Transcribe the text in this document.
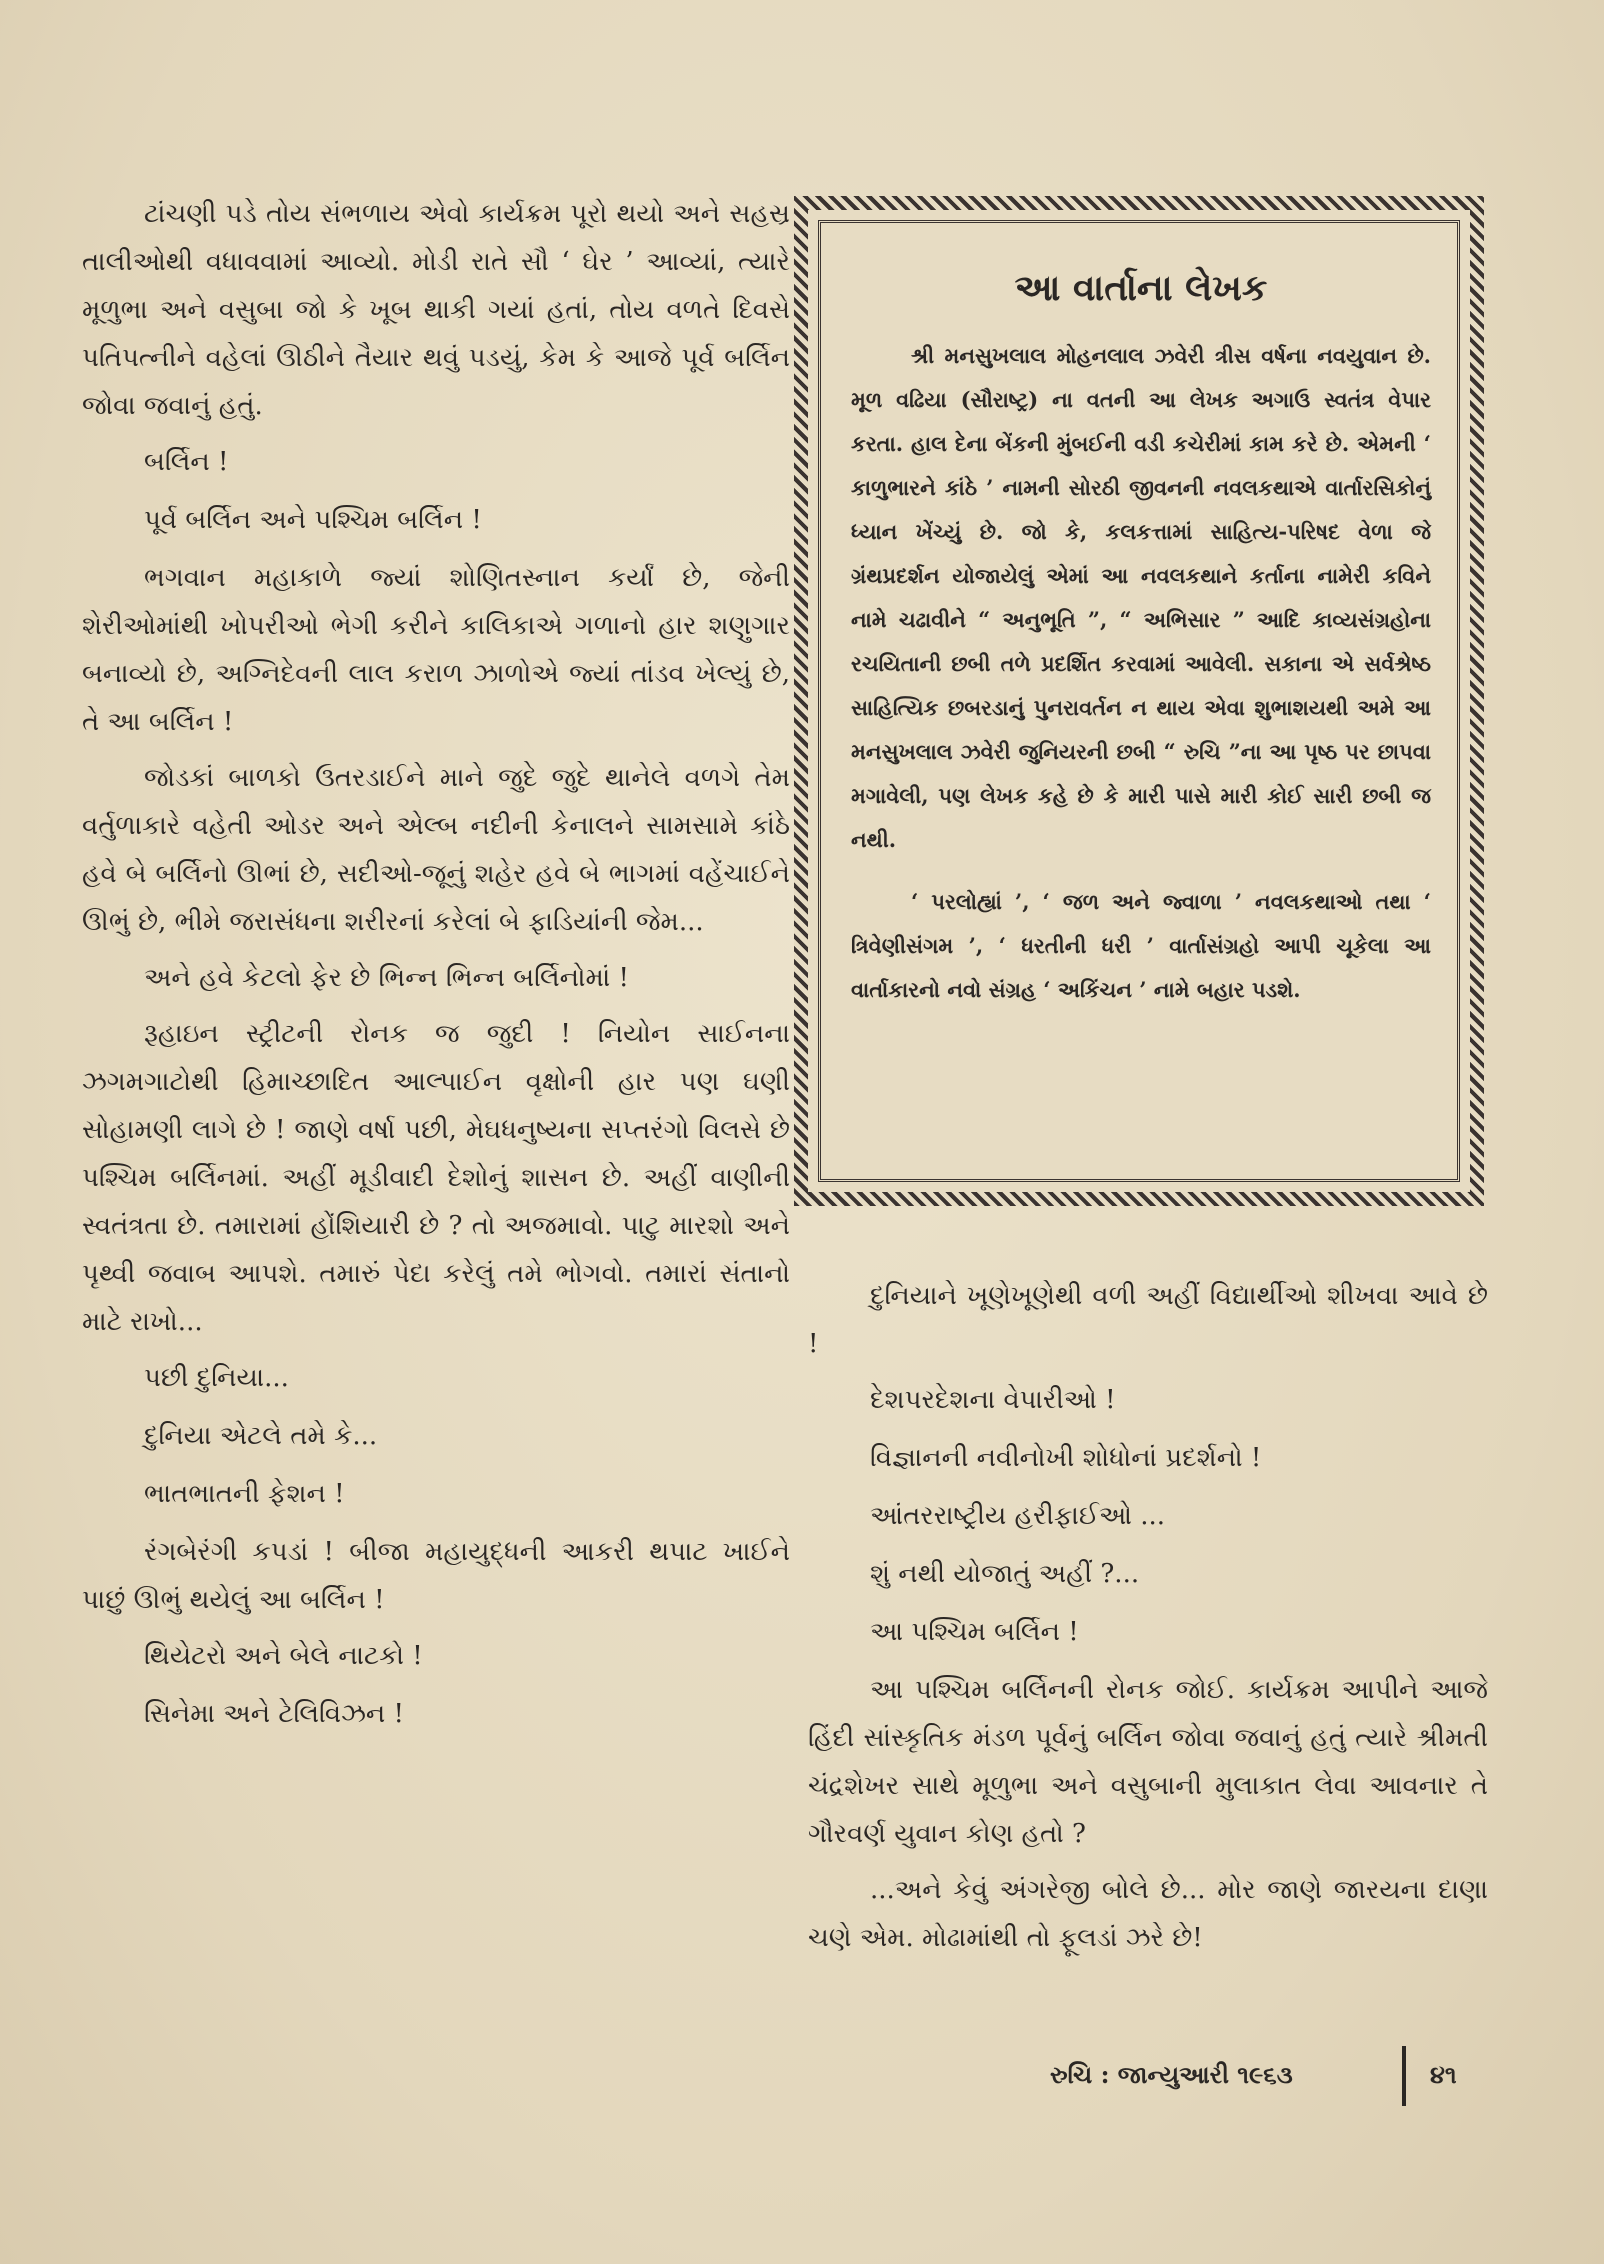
ટાંચણી પડે તોય સંભળાય એવો કાર્યક્રમ પૂરો થયો અને સહસ્ર તાલીઓથી વધાવવામાં આવ્યો. મોડી રાતે સૌ ‘ ઘેર ’ આવ્યાં, ત્યારે મૂળુભા અને વસુબા જો કે ખૂબ થાકી ગયાં હતાં, તોય વળતે દિવસે પતિપત્નીને વહેલાં ઊઠીને તૈયાર થવું પડયું, કેમ કે આજે પૂર્વ બર્લિન જોવા જવાનું હતું.

બર્લિન !

પૂર્વ બર્લિન અને પશ્ચિમ બર્લિન !

ભગવાન મહાકાળે જ્યાં શોણિતસ્નાન કર્યાં છે, જેની શેરીઓમાંથી ખોપરીઓ ભેગી કરીને કાલિકાએ ગળાનો હાર શણુગાર બનાવ્યો છે, અગ્નિદેવની લાલ કરાળ ઝાળોએ જ્યાં તાંડવ ખેલ્યું છે, તે આ બર્લિન !

જોડકાં બાળકો ઉતરડાઈને માને જુદે જુદે થાનેલે વળગે તેમ વર્તુળાકારે વહેતી ઓડર અને એલ્બ નદીની કેનાલને સામસામે કાંઠે હવે બે બર્લિનો ઊભાં છે, સદીઓ-જૂનું શહેર હવે બે ભાગમાં વહેંચાઈને ઊભું છે, ભીમે જરાસંધના શરીરનાં કરેલાં બે ફાડિયાંની જેમ...

અને હવે કેટલો ફેર છે ભિન્ન ભિન્ન બર્લિનોમાં !

રૂહાઇન સ્ટ્રીટની રોનક જ જુદી ! નિયોન સાઈનના ઝગમગાટોથી હિમાચ્છાદિત આલ્પાઈન વૃક્ષોની હાર પણ ઘણી સોહામણી લાગે છે ! જાણે વર્ષા પછી, મેઘધનુષ્યના સપ્તરંગો વિલસે છે પશ્ચિમ બર્લિનમાં. અહીં મૂડીવાદી દેશોનું શાસન છે. અહીં વાણીની સ્વતંત્રતા છે. તમારામાં હોંશિયારી છે ? તો અજમાવો. પાટુ મારશો અને પૃથ્વી જવાબ આપશે. તમારું પેદા કરેલું તમે ભોગવો. તમારાં સંતાનો માટે રાખો...

પછી દુનિયા...

દુનિયા એટલે તમે કે...

ભાતભાતની ફેશન !

રંગબેરંગી કપડાં ! બીજા મહાયુદ્ધની આકરી થપાટ ખાઈને પાછું ઊભું થયેલું આ બર્લિન !

થિયેટરો અને બેલે નાટકો !

સિનેમા અને ટેલિવિઝન !

આ વાર્તાના લેખક

શ્રી મનસુખલાલ મોહનલાલ ઝવેરી ત્રીસ વર્ષના નવયુવાન છે. મૂળ વઢિયા (સૌરાષ્ટ્ર) ના વતની આ લેખક અગાઉ સ્વતંત્ર વેપાર કરતા. હાલ દેના બેંકની મુંબઈની વડી કચેરીમાં કામ કરે છે. એમની ‘ કાળુભારને કાંઠે ’ નામની સોરઠી જીવનની નવલકથાએ વાર્તારસિકોનું ધ્યાન ખેંચ્યું છે. જો કે, કલકત્તામાં સાહિત્ય-પરિષદ વેળા જે ગ્રંથપ્રદર્શન યોજાયેલું એમાં આ નવલકથાને કર્તાના નામેરી કવિને નામે ચઢાવીને “ અનુભૂતિ ”, “ અભિસાર ” આદિ કાવ્યસંગ્રહોના રચયિતાની છબી તળે પ્રદર્શિત કરવામાં આવેલી. સકાના એ સર્વશ્રેષ્ઠ સાહિત્યિક છબરડાનું પુનરાવર્તન ન થાય એવા શુભાશયથી અમે આ મનસુખલાલ ઝવેરી જુનિયરની છબી “ રુચિ ”ના આ પૃષ્ઠ પર છાપવા મગાવેલી, પણ લેખક કહે છે કે મારી પાસે મારી કોઈ સારી છબી જ નથી.

‘ પરલોહ્યાં ’, ‘ જળ અને જ્વાળા ’ નવલકથાઓ તથા ‘ ત્રિવેણીસંગમ ’, ‘ ધરતીની ધરી ’ વાર્તાસંગ્રહો આપી ચૂકેલા આ વાર્તાકારનો નવો સંગ્રહ ‘ અકિંચન ’ નામે બહાર પડશે.

દુનિયાને ખૂણેખૂણેથી વળી અહીં વિદ્યાર્થીઓ શીખવા આવે છે !

દેશપરદેશના વેપારીઓ !

વિજ્ઞાનની નવીનોખી શોધોનાં પ્રદર્શનો !

આંતરરાષ્ટ્રીય હરીફાઈઓ ...

શું નથી યોજાતું અહીં ?...

આ પશ્ચિમ બર્લિન !

આ પશ્ચિમ બર્લિનની રોનક જોઈ. કાર્યક્રમ આપીને આજે હિંદી સાંસ્કૃતિક મંડળ પૂર્વનું બર્લિન જોવા જવાનું હતું ત્યારે શ્રીમતી ચંદ્રશેખર સાથે મૂળુભા અને વસુબાની મુલાકાત લેવા આવનાર તે ગૌરવર્ણ યુવાન કોણ હતો ?

...અને કેવું અંગરેજી બોલે છે... મોર જાણે જારયના દાણા ચણે એમ. મોઢામાંથી તો ફૂલડાં ઝરે છે!

રુચિ : જાન્યુઆરી ૧૯૬૩	૪૧
